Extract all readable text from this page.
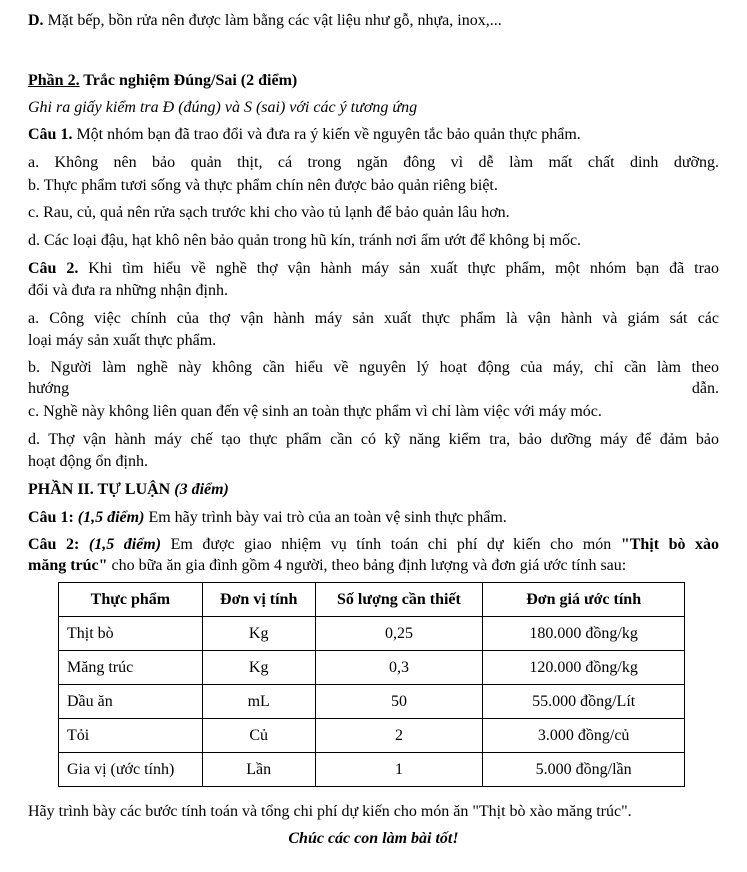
D. Mặt bếp, bồn rửa nên được làm bằng các vật liệu như gỗ, nhựa, inox,...

Phần 2. Trắc nghiệm Đúng/Sai (2 điểm)

Ghi ra giấy kiểm tra Đ (đúng) và S (sai) với các ý tương ứng

Câu 1. Một nhóm bạn đã trao đổi và đưa ra ý kiến về nguyên tắc bảo quản thực phẩm.

a. Không nên bảo quản thịt, cá trong ngăn đông vì dễ làm mất chất dinh dưỡng.

b. Thực phẩm tươi sống và thực phẩm chín nên được bảo quản riêng biệt.

c. Rau, củ, quả nên rửa sạch trước khi cho vào tủ lạnh để bảo quản lâu hơn.

d. Các loại đậu, hạt khô nên bảo quản trong hũ kín, tránh nơi ẩm ướt để không bị mốc.

Câu 2. Khi tìm hiểu về nghề thợ vận hành máy sản xuất thực phẩm, một nhóm bạn đã trao

đổi và đưa ra những nhận định.

a. Công việc chính của thợ vận hành máy sản xuất thực phẩm là vận hành và giám sát các

loại máy sản xuất thực phẩm.

b. Người làm nghề này không cần hiểu về nguyên lý hoạt động của máy, chỉ cần làm theo

hướng	dẫn.

c. Nghề này không liên quan đến vệ sinh an toàn thực phẩm vì chỉ làm việc với máy móc.

d. Thợ vận hành máy chế tạo thực phẩm cần có kỹ năng kiểm tra, bảo dưỡng máy để đảm bảo

hoạt động ổn định.

PHẦN II. TỰ LUẬN (3 điểm)

Câu 1: (1,5 điểm) Em hãy trình bày vai trò của an toàn vệ sinh thực phẩm.

Câu 2: (1,5 điểm) Em được giao nhiệm vụ tính toán chi phí dự kiến cho món "Thịt bò xào

măng trúc" cho bữa ăn gia đình gồm 4 người, theo bảng định lượng và đơn giá ước tính sau:

Thực phẩm	Đơn vị tính	Số lượng cần thiết	Đơn giá ước tính
Thịt bò	Kg	0,25	180.000 đồng/kg
Măng trúc	Kg	0,3	120.000 đồng/kg
Dầu ăn	mL	50	55.000 đồng/Lít
Tỏi	Củ	2	3.000 đồng/củ
Gia vị (ước tính)	Lần	1	5.000 đồng/lần

Hãy trình bày các bước tính toán và tổng chi phí dự kiến cho món ăn "Thịt bò xào măng trúc".

Chúc các con làm bài tốt!
